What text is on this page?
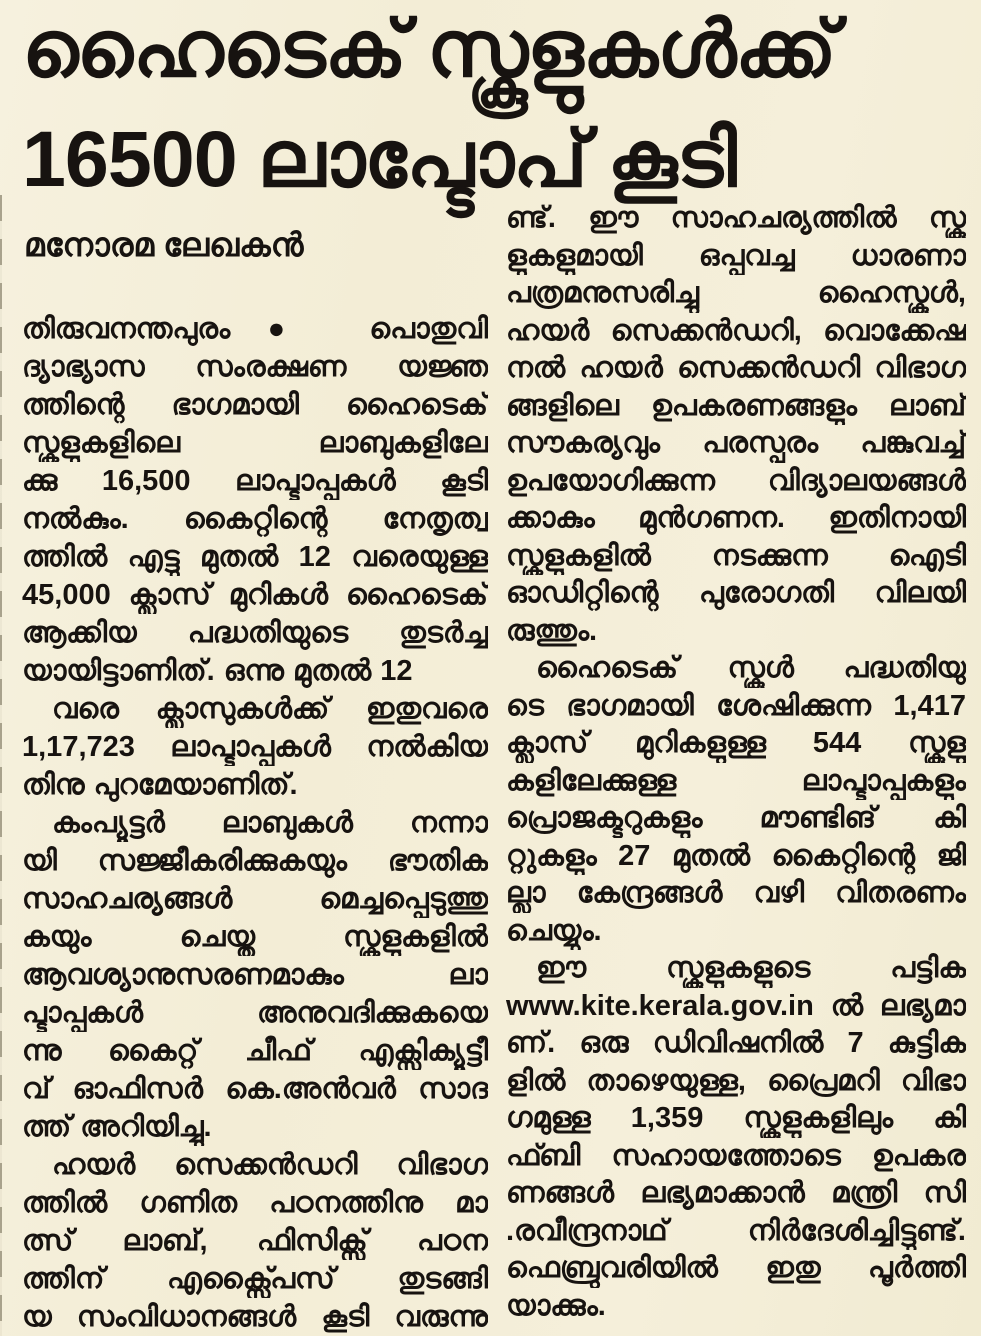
ഹൈടെക് സ്കൂളുകൾക്ക്
16500 ലാപ്ടോപ് കൂടി
മനോരമ ലേഖകൻ
തിരുവനന്തപുരം● പൊതുവി
ദ്യാഭ്യാസ സംരക്ഷണ യജ്ഞ
ത്തിന്റെ ഭാഗമായി ഹൈടെക്
സ്കൂളുകളിലെ ലാബുകളിലേ
ക്കു 16,500 ലാപ്ടാപ്പുകൾ കൂടി
നൽകും. കൈറ്റിന്റെ നേതൃത്വ
ത്തിൽ എട്ടു മുതൽ 12 വരെയുള്ള
45,000 ക്ലാസ് മുറികൾ ഹൈടെക്
ആക്കിയ പദ്ധതിയുടെ തുടർച്ച
യായിട്ടാണിത്. ഒന്നു മുതൽ 12
വരെ ക്ലാസുകൾക്ക് ഇതുവരെ
1,17,723 ലാപ്ടാപ്പുകൾ നൽകിയ
തിനു പുറമേയാണിത്.
കംപ്യൂട്ടർ ലാബുകൾ നന്നാ
യി സജ്ജീകരിക്കുകയും ഭൗതിക
സാഹചര്യങ്ങൾ മെച്ചപ്പെടുത്തു
കയും ചെയ്ത സ്കൂളുകളിൽ
ആവശ്യാനുസരണമാകും ലാ
പ്ടാപ്പുകൾ അനുവദിക്കുകയെ
ന്നു കൈറ്റ് ചീഫ് എക്സിക്യൂട്ടീ
വ് ഓഫിസർ കെ.അൻവർ സാദ
ത്ത് അറിയിച്ചു.
ഹയർ സെക്കൻഡറി വിഭാഗ
ത്തിൽ ഗണിത പഠനത്തിനു മാ
ത്സ് ലാബ്, ഫിസിക്സ് പഠന
ത്തിന് എക്സ്പൈസ് തുടങ്ങി
യ സംവിധാനങ്ങൾ കൂടി വരുന്നു
ണ്ട്. ഈ സാഹചര്യത്തിൽ സ്കൂ
ളുകളുമായി ഒപ്പുവച്ച ധാരണാ
പത്രമനുസരിച്ചു ഹൈസ്കൂൾ,
ഹയർ സെക്കൻഡറി, വൊക്കേഷ
നൽ ഹയർ സെക്കൻഡറി വിഭാഗ
ങ്ങളിലെ ഉപകരണങ്ങളും ലാബ്
സൗകര്യവും പരസ്പരം പങ്കുവച്ച്
ഉപയോഗിക്കുന്ന വിദ്യാലയങ്ങൾ
ക്കാകും മുൻഗണന. ഇതിനായി
സ്കൂളുകളിൽ നടക്കുന്ന ഐടി
ഓഡിറ്റിന്റെ പുരോഗതി വിലയി
രുത്തും.
ഹൈടെക് സ്കൂൾ പദ്ധതിയു
ടെ ഭാഗമായി ശേഷിക്കുന്ന 1,417
ക്ലാസ് മുറികളുള്ള 544 സ്കൂളു
കളിലേക്കുള്ള ലാപ്ടാപ്പുകളും
പ്രൊജക്ടറുകളും മൗണ്ടിങ് കി
റ്റുകളും 27 മുതൽ കൈറ്റിന്റെ ജി
ല്ലാ കേന്ദ്രങ്ങൾ വഴി വിതരണം
ചെയ്യും.
ഈ സ്കൂളുകളുടെ പട്ടിക
www.kite.kerala.gov.in ൽ ലഭ്യമാ
ണ്. ഒരു ഡിവിഷനിൽ 7 കുട്ടിക
ളിൽ താഴെയുള്ള, പ്രൈമറി വിഭാ
ഗമുള്ള 1,359 സ്കൂളുകളിലും കി
ഫ്ബി സഹായത്തോടെ ഉപകര
ണങ്ങൾ ലഭ്യമാക്കാൻ മന്ത്രി സി
.രവീന്ദ്രനാഥ് നിർദേശിച്ചിട്ടുണ്ട്.
ഫെബ്രുവരിയിൽ ഇതു പൂർത്തി
യാക്കും.
